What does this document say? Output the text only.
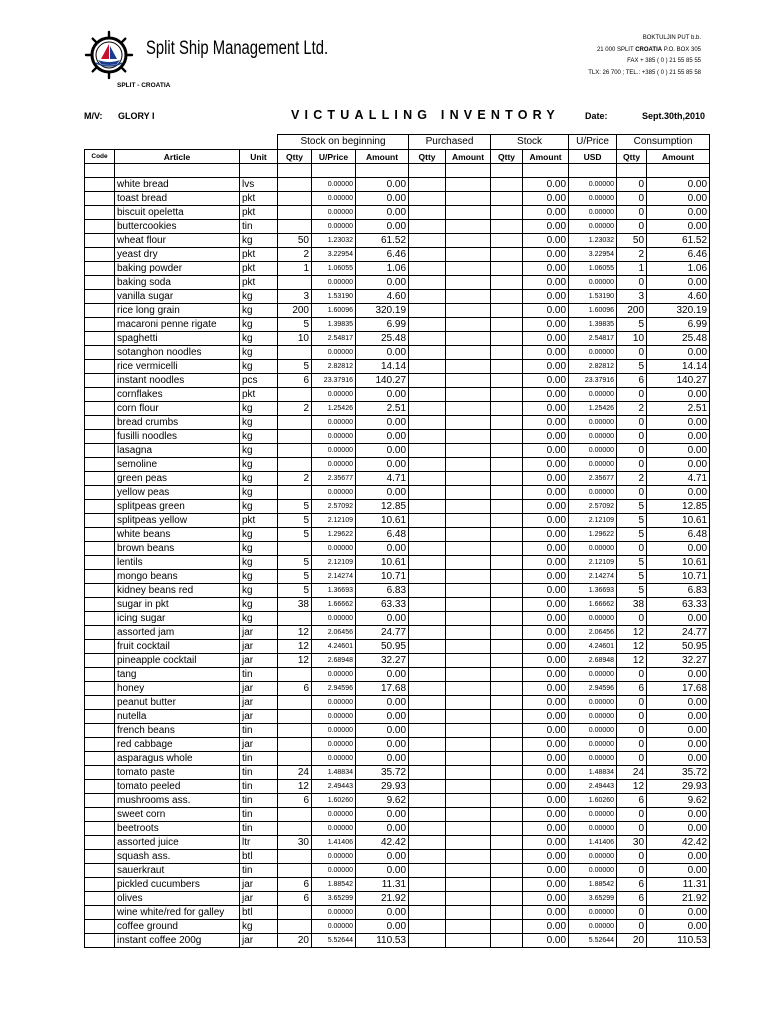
Split Ship Management Ltd.
SPLIT - CROATIA
BOKTULJIN PUT b.b.
21 000 SPLIT CROATIA P.O. BOX 305
FAX + 385 ( 0 ) 21 55 85 55
TLX: 26 700 ; TEL.: +385 ( 0 ) 21 55 85 58
M/V: GLORY I	VICTUALLING INVENTORY	Date:	Sept.30th,2010
			Stock on beginning			Purchased		Stock		U/Price	Consumption	
Code	Article	Unit	Qtty	U/Price	Amount	Qtty	Amount	Qtty	Amount	USD	Qtty	Amount

	white bread	lvs		0.00000	0.00				0.00	0.00000	0	0.00
	toast bread	pkt		0.00000	0.00				0.00	0.00000	0	0.00
	biscuit opeletta	pkt		0.00000	0.00				0.00	0.00000	0	0.00
	buttercookies	tin		0.00000	0.00				0.00	0.00000	0	0.00
	wheat flour	kg	50	1.23032	61.52				0.00	1.23032	50	61.52
	yeast dry	pkt	2	3.22954	6.46				0.00	3.22954	2	6.46
	baking powder	pkt	1	1.06055	1.06				0.00	1.06055	1	1.06
	baking soda	pkt		0.00000	0.00				0.00	0.00000	0	0.00
	vanilla sugar	kg	3	1.53190	4.60				0.00	1.53190	3	4.60
	rice long grain	kg	200	1.60096	320.19				0.00	1.60096	200	320.19
	macaroni penne rigate	kg	5	1.39835	6.99				0.00	1.39835	5	6.99
	spaghetti	kg	10	2.54817	25.48				0.00	2.54817	10	25.48
	sotanghon noodles	kg		0.00000	0.00				0.00	0.00000	0	0.00
	rice vermicelli	kg	5	2.82812	14.14				0.00	2.82812	5	14.14
	instant noodles	pcs	6	23.37916	140.27				0.00	23.37916	6	140.27
	cornflakes	pkt		0.00000	0.00				0.00	0.00000	0	0.00
	corn flour	kg	2	1.25426	2.51				0.00	1.25426	2	2.51
	bread crumbs	kg		0.00000	0.00				0.00	0.00000	0	0.00
	fusilli noodles	kg		0.00000	0.00				0.00	0.00000	0	0.00
	lasagna	kg		0.00000	0.00				0.00	0.00000	0	0.00
	semoline	kg		0.00000	0.00				0.00	0.00000	0	0.00
	green peas	kg	2	2.35677	4.71				0.00	2.35677	2	4.71
	yellow peas	kg		0.00000	0.00				0.00	0.00000	0	0.00
	splitpeas green	kg	5	2.57092	12.85				0.00	2.57092	5	12.85
	splitpeas yellow	pkt	5	2.12109	10.61				0.00	2.12109	5	10.61
	white beans	kg	5	1.29622	6.48				0.00	1.29622	5	6.48
	brown beans	kg		0.00000	0.00				0.00	0.00000	0	0.00
	lentils	kg	5	2.12109	10.61				0.00	2.12109	5	10.61
	mongo beans	kg	5	2.14274	10.71				0.00	2.14274	5	10.71
	kidney beans red	kg	5	1.36693	6.83				0.00	1.36693	5	6.83
	sugar in pkt	kg	38	1.66662	63.33				0.00	1.66662	38	63.33
	icing sugar	kg		0.00000	0.00				0.00	0.00000	0	0.00
	assorted jam	jar	12	2.06456	24.77				0.00	2.06456	12	24.77
	fruit cocktail	jar	12	4.24601	50.95				0.00	4.24601	12	50.95
	pineapple cocktail	jar	12	2.68948	32.27				0.00	2.68948	12	32.27
	tang	tin		0.00000	0.00				0.00	0.00000	0	0.00
	honey	jar	6	2.94596	17.68				0.00	2.94596	6	17.68
	peanut butter	jar		0.00000	0.00				0.00	0.00000	0	0.00
	nutella	jar		0.00000	0.00				0.00	0.00000	0	0.00
	french beans	tin		0.00000	0.00				0.00	0.00000	0	0.00
	red cabbage	jar		0.00000	0.00				0.00	0.00000	0	0.00
	asparagus whole	tin		0.00000	0.00				0.00	0.00000	0	0.00
	tomato paste	tin	24	1.48834	35.72				0.00	1.48834	24	35.72
	tomato peeled	tin	12	2.49443	29.93				0.00	2.49443	12	29.93
	mushrooms ass.	tin	6	1.60260	9.62				0.00	1.60260	6	9.62
	sweet corn	tin		0.00000	0.00				0.00	0.00000	0	0.00
	beetroots	tin		0.00000	0.00				0.00	0.00000	0	0.00
	assorted juice	ltr	30	1.41406	42.42				0.00	1.41406	30	42.42
	squash ass.	btl		0.00000	0.00				0.00	0.00000	0	0.00
	sauerkraut	tin		0.00000	0.00				0.00	0.00000	0	0.00
	pickled cucumbers	jar	6	1.88542	11.31				0.00	1.88542	6	11.31
	olives	jar	6	3.65299	21.92				0.00	3.65299	6	21.92
	wine white/red for galley	btl		0.00000	0.00				0.00	0.00000	0	0.00
	coffee ground	kg		0.00000	0.00				0.00	0.00000	0	0.00
	instant coffee 200g	jar	20	5.52644	110.53				0.00	5.52644	20	110.53
